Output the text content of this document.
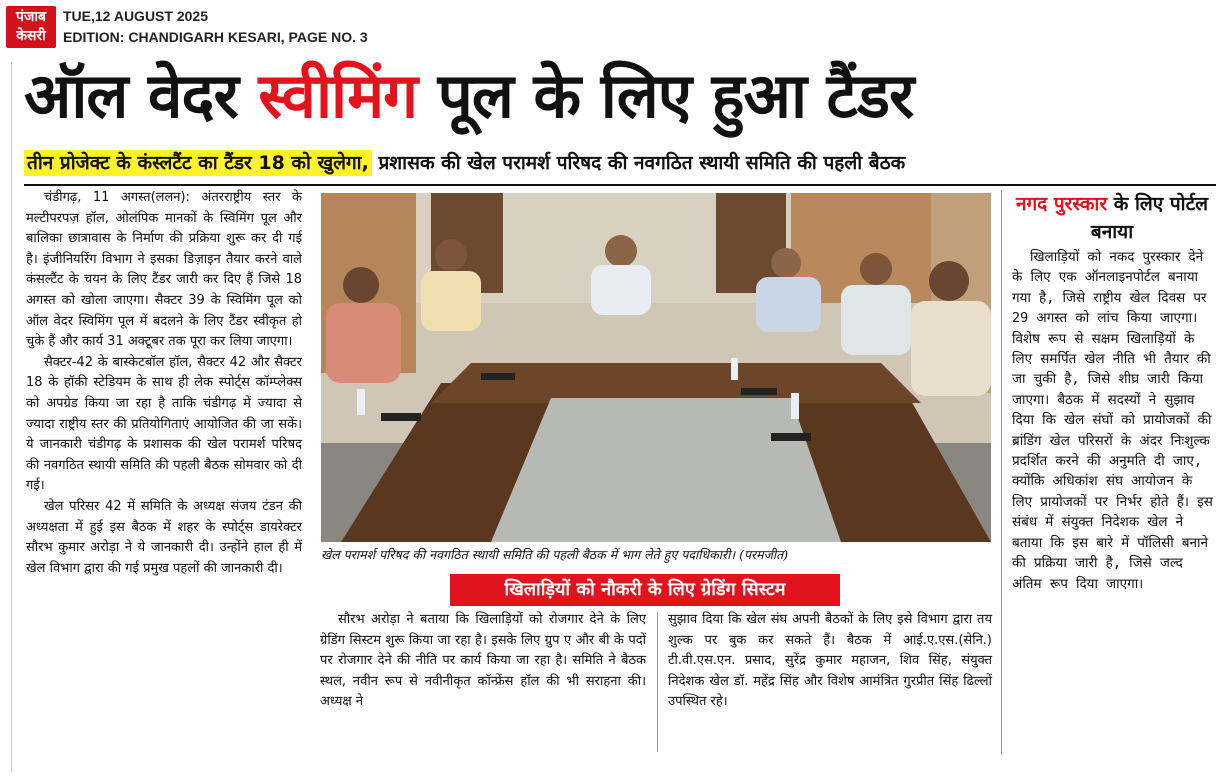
पंजाब
केसरी
TUE,12 AUGUST 2025
EDITION: CHANDIGARH KESARI, PAGE NO. 3
ऑल वेदर स्वीमिंग पूल के लिए हुआ टैंडर
तीन प्रोजेक्ट के कंस्लटैंट का टैंडर 18 को खुलेगा, प्रशासक की खेल परामर्श परिषद की नवगठित स्थायी समिति की पहली बैठक

चंडीगढ़, 11 अगस्त(ललन): अंतरराष्ट्रीय स्तर के मल्टीपरपज़ हॉल, ओलंपिक मानकों के स्विमिंग पूल और बालिका छात्रावास के निर्माण की प्रक्रिया शुरू कर दी गई है। इंजीनियरिंग विभाग ने इसका डिज़ाइन तैयार करने वाले कंसल्टैंट के चयन के लिए टैंडर जारी कर दिए हैं जिसे 18 अगस्त को खोला जाएगा। सैक्टर 39 के स्विमिंग पूल को ऑल वेदर स्विमिंग पूल में बदलने के लिए टैंडर स्वीकृत हो चुके हैं और कार्य 31 अक्टूबर तक पूरा कर लिया जाएगा।

सैक्टर-42 के बास्केटबॉल हॉल, सैक्टर 42 और सैक्टर 18 के हॉकी स्टेडियम के साथ ही लेक स्पोर्ट्स कॉम्प्लेक्स को अपग्रेड किया जा रहा है ताकि चंडीगढ़ में ज्यादा से ज्यादा राष्ट्रीय स्तर की प्रतियोगिताएं आयोजित की जा सकें। ये जानकारी चंडीगढ़ के प्रशासक की खेल परामर्श परिषद की नवगठित स्थायी समिति की पहली बैठक सोमवार को दी गई।

खेल परिसर 42 में समिति के अध्यक्ष संजय टंडन की अध्यक्षता में हुई इस बैठक में शहर के स्पोर्ट्स डायरेक्टर सौरभ कुमार अरोड़ा ने ये जानकारी दी। उन्होंने हाल ही में खेल विभाग द्वारा की गई प्रमुख पहलों की जानकारी दी।

खेल परामर्श परिषद की नवगठित स्थायी समिति की पहली बैठक में भाग लेते हुए पदाधिकारी। (परमजीत)
खिलाड़ियों को नौकरी के लिए ग्रेडिंग सिस्टम

सौरभ अरोड़ा ने बताया कि खिलाड़ियों को रोजगार देने के लिए ग्रेडिंग सिस्टम शुरू किया जा रहा है। इसके लिए ग्रुप ए और बी के पदों पर रोजगार देने की नीति पर कार्य किया जा रहा है। समिति ने बैठक स्थल, नवीन रूप से नवीनीकृत कॉन्फ्रेंस हॉल की भी सराहना की। अध्यक्ष ने

सुझाव दिया कि खेल संघ अपनी बैठकों के लिए इसे विभाग द्वारा तय शुल्क पर बुक कर सकते हैं। बैठक में आई.ए.एस.(सेनि.) टी.वी.एस.एन. प्रसाद, सुरेंद्र कुमार महाजन, शिव सिंह, संयुक्त निदेशक खेल डॉ. महेंद्र सिंह और विशेष आमंत्रित गुरप्रीत सिंह ढिल्लों उपस्थित रहे।

नगद पुरस्कार के लिए पोर्टल बनाया

खिलाड़ियों को नकद पुरस्कार देने के लिए एक ऑनलाइनपोर्टल बनाया गया है, जिसे राष्ट्रीय खेल दिवस पर 29 अगस्त को लांच किया जाएगा। विशेष रूप से सक्षम खिलाड़ियों के लिए समर्पित खेल नीति भी तैयार की जा चुकी है, जिसे शीघ्र जारी किया जाएगा। बैठक में सदस्यों ने सुझाव दिया कि खेल संघों को प्रायोजकों की ब्रांडिंग खेल परिसरों के अंदर निःशुल्क प्रदर्शित करने की अनुमति दी जाए, क्योंकि अधिकांश संघ आयोजन के लिए प्रायोजकों पर निर्भर होते हैं। इस संबंध में संयुक्त निदेशक खेल ने बताया कि इस बारे में पॉलिसी बनाने की प्रक्रिया जारी है, जिसे जल्द अंतिम रूप दिया जाएगा।
